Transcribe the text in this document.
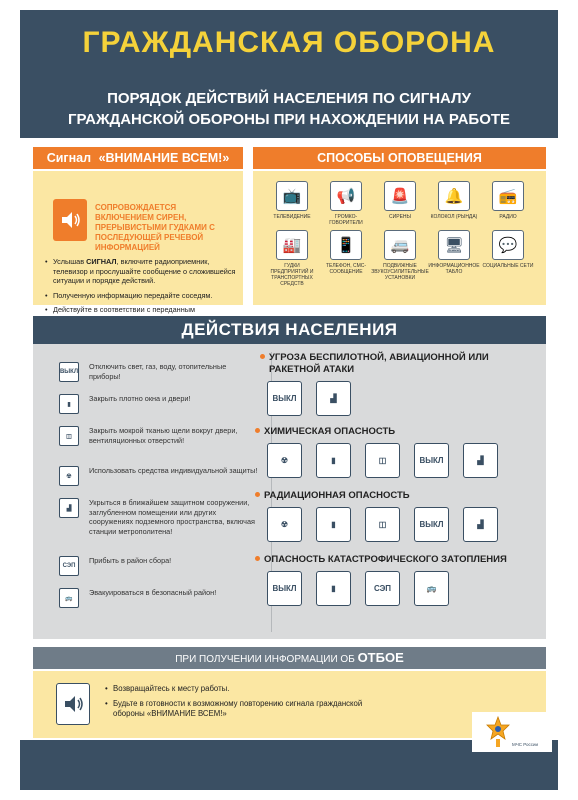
ГРАЖДАНСКАЯ ОБОРОНА
ПОРЯДОК ДЕЙСТВИЙ НАСЕЛЕНИЯ ПО СИГНАЛУ
ГРАЖДАНСКОЙ ОБОРОНЫ ПРИ НАХОЖДЕНИИ НА РАБОТЕ
Сигнал «ВНИМАНИЕ ВСЕМ!»
СОПРОВОЖДАЕТСЯ ВКЛЮЧЕНИЕМ СИРЕН, ПРЕРЫВИСТЫМИ ГУДКАМИ С ПОСЛЕДУЮЩЕЙ РЕЧЕВОЙ ИНФОРМАЦИЕЙ
• Услышав СИГНАЛ, включите радиоприемник, телевизор и прослушайте сообщение о сложившейся ситуации и порядке действий.
• Полученную информацию передайте соседям.
• Действуйте в соответствии с переданным
СПОСОБЫ ОПОВЕЩЕНИЯ
📺
ТЕЛЕВИДЕНИЕ
📢
ГРОМКО-ГОВОРИТЕЛИ
🚨
СИРЕНЫ
🔔
КОЛОКОЛ (РЫНДА)
📻
РАДИО
🏭
ГУДКИ ПРЕДПРИЯТИЙ И ТРАНСПОРТНЫХ СРЕДСТВ
📱
ТЕЛЕФОН, СМС-СООБЩЕНИЕ
🚐
ПОДВИЖНЫЕ ЗВУКОУСИЛИТЕЛЬНЫЕ УСТАНОВКИ
🖥
ИНФОРМАЦИОННОЕ ТАБЛО
💬
СОЦИАЛЬНЫЕ СЕТИ
ДЕЙСТВИЯ НАСЕЛЕНИЯ
ВЫКЛ
Отключить свет, газ, воду, отопительные приборы!
▮
Закрыть плотно окна и двери!
◫
Закрыть мокрой тканью щели вокруг двери, вентиляционных отверстий!
☢
Использовать средства индивидуальной защиты!
▟
Укрыться в ближайшем защитном сооружении, заглубленном помещении или других сооружениях подземного пространства, включая станции метрополитена!
СЭП
Прибыть в район сбора!
🚌
Эвакуироваться в безопасный район!
УГРОЗА БЕСПИЛОТНОЙ, АВИАЦИОННОЙ ИЛИ РАКЕТНОЙ АТАКИ
ВЫКЛ	▟
ХИМИЧЕСКАЯ ОПАСНОСТЬ
☢	▮	◫	ВЫКЛ	▟
РАДИАЦИОННАЯ ОПАСНОСТЬ
☢	▮	◫	ВЫКЛ	▟
ОПАСНОСТЬ КАТАСТРОФИЧЕСКОГО ЗАТОПЛЕНИЯ
ВЫКЛ	▮	СЭП	🚌
ПРИ ПОЛУЧЕНИИ ИНФОРМАЦИИ ОБ ОТБОЕ
• Возвращайтесь к месту работы.
• Будьте в готовности к возможному повторению сигнала гражданской обороны «ВНИМАНИЕ ВСЕМ!»
МЧС России
